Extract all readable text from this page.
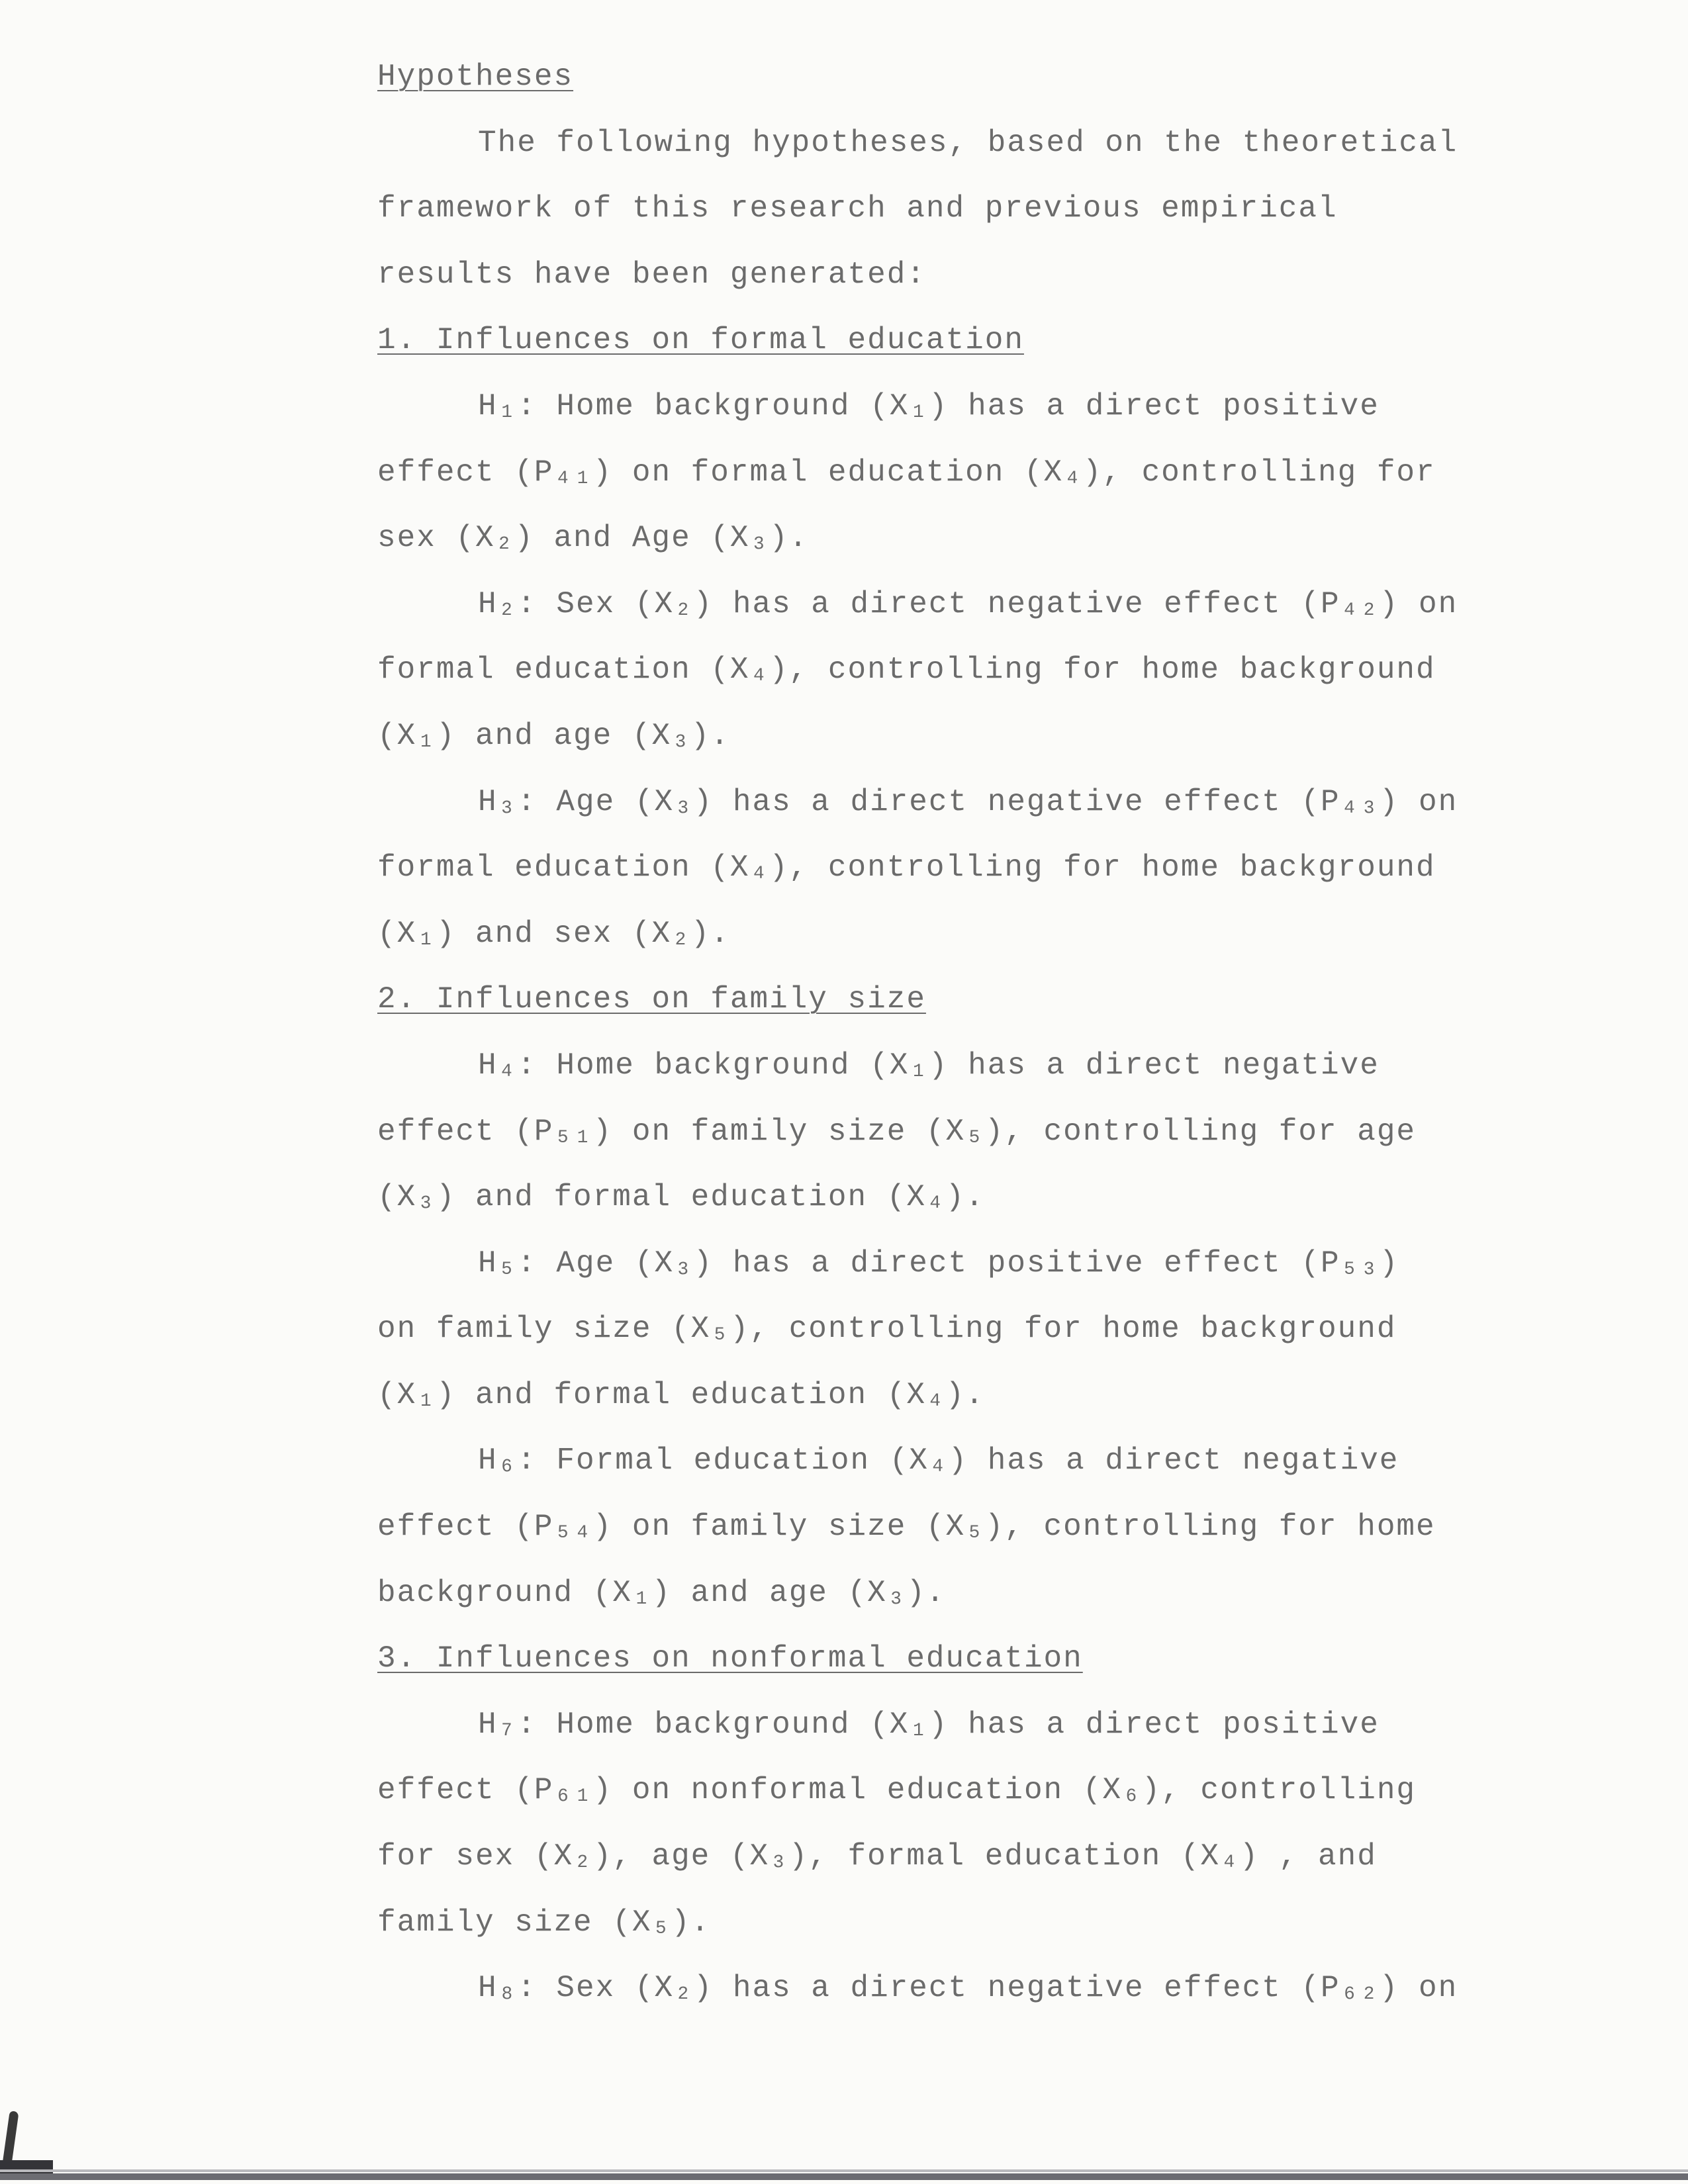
Hypotheses
The following hypotheses, based on the theoretical
framework of this research and previous empirical
results have been generated:
1. Influences on formal education
H₁: Home background (X₁) has a direct positive
effect (P₄₁) on formal education (X₄), controlling for
sex (X₂) and Age (X₃).
H₂: Sex (X₂) has a direct negative effect (P₄₂) on
formal education (X₄), controlling for home background
(X₁) and age (X₃).
H₃: Age (X₃) has a direct negative effect (P₄₃) on
formal education (X₄), controlling for home background
(X₁) and sex (X₂).
2. Influences on family size
H₄: Home background (X₁) has a direct negative
effect (P₅₁) on family size (X₅), controlling for age
(X₃) and formal education (X₄).
H₅: Age (X₃) has a direct positive effect (P₅₃)
on family size (X₅), controlling for home background
(X₁) and formal education (X₄).
H₆: Formal education (X₄) has a direct negative
effect (P₅₄) on family size (X₅), controlling for home
background (X₁) and age (X₃).
3. Influences on nonformal education
H₇: Home background (X₁) has a direct positive
effect (P₆₁) on nonformal education (X₆), controlling
for sex (X₂), age (X₃), formal education (X₄) , and
family size (X₅).
H₈: Sex (X₂) has a direct negative effect (P₆₂) on
